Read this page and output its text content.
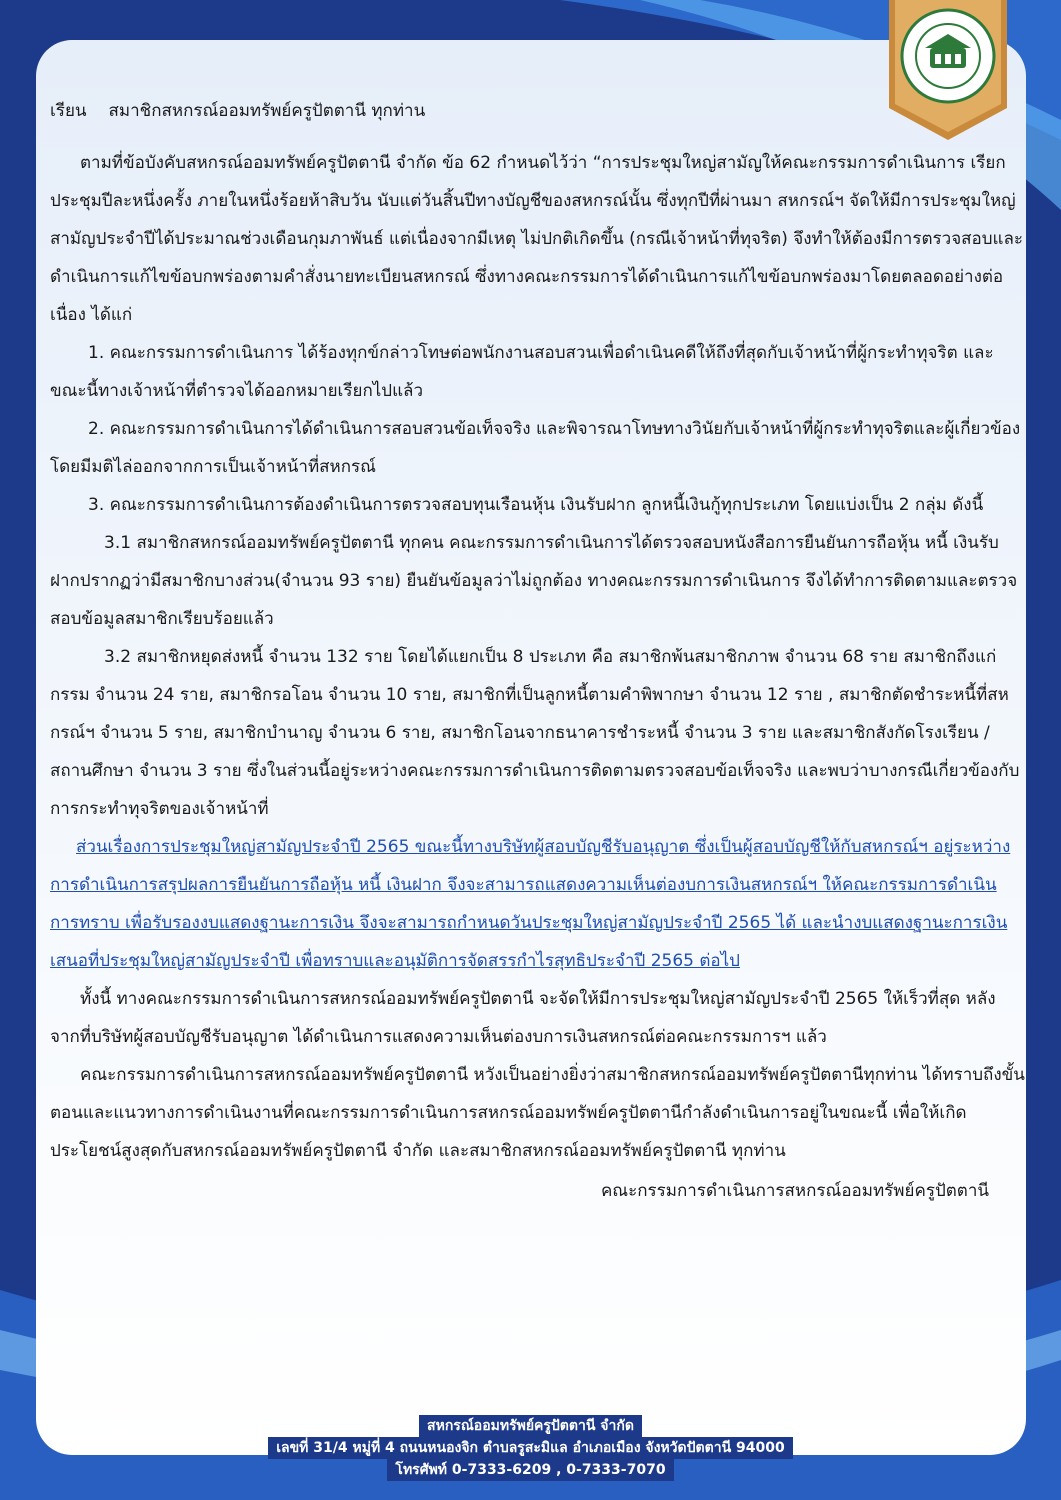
เรียน สมาชิกสหกรณ์ออมทรัพย์ครูปัตตานี ทุกท่าน

ตามที่ข้อบังคับสหกรณ์ออมทรัพย์ครูปัตตานี จำกัด ข้อ 62 กำหนดไว้ว่า “การประชุมใหญ่สามัญให้คณะกรรมการดำเนินการ เรียกประชุมปีละหนึ่งครั้ง ภายในหนึ่งร้อยห้าสิบวัน นับแต่วันสิ้นปีทางบัญชีของสหกรณ์นั้น ซึ่งทุกปีที่ผ่านมา สหกรณ์ฯ จัดให้มีการประชุมใหญ่สามัญประจำปีได้ประมาณช่วงเดือนกุมภาพันธ์ แต่เนื่องจากมีเหตุ ไม่ปกติเกิดขึ้น (กรณีเจ้าหน้าที่ทุจริต) จึงทำให้ต้องมีการตรวจสอบและดำเนินการแก้ไขข้อบกพร่องตามคำสั่งนายทะเบียนสหกรณ์ ซึ่งทางคณะกรรมการได้ดำเนินการแก้ไขข้อบกพร่องมาโดยตลอดอย่างต่อเนื่อง ได้แก่

1. คณะกรรมการดำเนินการ ได้ร้องทุกข์กล่าวโทษต่อพนักงานสอบสวนเพื่อดำเนินคดีให้ถึงที่สุดกับเจ้าหน้าที่ผู้กระทำทุจริต และขณะนี้ทางเจ้าหน้าที่ตำรวจได้ออกหมายเรียกไปแล้ว

2. คณะกรรมการดำเนินการได้ดำเนินการสอบสวนข้อเท็จจริง และพิจารณาโทษทางวินัยกับเจ้าหน้าที่ผู้กระทำทุจริตและผู้เกี่ยวข้อง โดยมีมติไล่ออกจากการเป็นเจ้าหน้าที่สหกรณ์

3. คณะกรรมการดำเนินการต้องดำเนินการตรวจสอบทุนเรือนหุ้น เงินรับฝาก ลูกหนี้เงินกู้ทุกประเภท โดยแบ่งเป็น 2 กลุ่ม ดังนี้

3.1 สมาชิกสหกรณ์ออมทรัพย์ครูปัตตานี ทุกคน คณะกรรมการดำเนินการได้ตรวจสอบหนังสือการยืนยันการถือหุ้น หนี้ เงินรับฝากปรากฏว่ามีสมาชิกบางส่วน(จำนวน 93 ราย) ยืนยันข้อมูลว่าไม่ถูกต้อง ทางคณะกรรมการดำเนินการ จึงได้ทำการติดตามและตรวจสอบข้อมูลสมาชิกเรียบร้อยแล้ว

3.2 สมาชิกหยุดส่งหนี้ จำนวน 132 ราย โดยได้แยกเป็น 8 ประเภท คือ สมาชิกพ้นสมาชิกภาพ จำนวน 68 ราย สมาชิกถึงแก่กรรม จำนวน 24 ราย, สมาชิกรอโอน จำนวน 10 ราย, สมาชิกที่เป็นลูกหนี้ตามคำพิพากษา จำนวน 12 ราย , สมาชิกตัดชำระหนี้ที่สหกรณ์ฯ จำนวน 5 ราย, สมาชิกบำนาญ จำนวน 6 ราย, สมาชิกโอนจากธนาคารชำระหนี้ จำนวน 3 ราย และสมาชิกสังกัดโรงเรียน /สถานศึกษา จำนวน 3 ราย ซึ่งในส่วนนี้อยู่ระหว่างคณะกรรมการดำเนินการติดตามตรวจสอบข้อเท็จจริง และพบว่าบางกรณีเกี่ยวข้องกับการกระทำทุจริตของเจ้าหน้าที่

ส่วนเรื่องการประชุมใหญ่สามัญประจำปี 2565 ขณะนี้ทางบริษัทผู้สอบบัญชีรับอนุญาต ซึ่งเป็นผู้สอบบัญชีให้กับสหกรณ์ฯ อยู่ระหว่างการดำเนินการสรุปผลการยืนยันการถือหุ้น หนี้ เงินฝาก จึงจะสามารถแสดงความเห็นต่องบการเงินสหกรณ์ฯ ให้คณะกรรมการดำเนินการทราบ เพื่อรับรองงบแสดงฐานะการเงิน จึงจะสามารถกำหนดวันประชุมใหญ่สามัญประจำปี 2565 ได้ และนำงบแสดงฐานะการเงินเสนอที่ประชุมใหญ่สามัญประจำปี เพื่อทราบและอนุมัติการจัดสรรกำไรสุทธิประจำปี 2565 ต่อไป

ทั้งนี้ ทางคณะกรรมการดำเนินการสหกรณ์ออมทรัพย์ครูปัตตานี จะจัดให้มีการประชุมใหญ่สามัญประจำปี 2565 ให้เร็วที่สุด หลังจากที่บริษัทผู้สอบบัญชีรับอนุญาต ได้ดำเนินการแสดงความเห็นต่องบการเงินสหกรณ์ต่อคณะกรรมการฯ แล้ว

คณะกรรมการดำเนินการสหกรณ์ออมทรัพย์ครูปัตตานี หวังเป็นอย่างยิ่งว่าสมาชิกสหกรณ์ออมทรัพย์ครูปัตตานีทุกท่าน ได้ทราบถึงขั้นตอนและแนวทางการดำเนินงานที่คณะกรรมการดำเนินการสหกรณ์ออมทรัพย์ครูปัตตานีกำลังดำเนินการอยู่ในขณะนี้ เพื่อให้เกิดประโยชน์สูงสุดกับสหกรณ์ออมทรัพย์ครูปัตตานี จำกัด และสมาชิกสหกรณ์ออมทรัพย์ครูปัตตานี ทุกท่าน

คณะกรรมการดำเนินการสหกรณ์ออมทรัพย์ครูปัตตานี

สหกรณ์ออมทรัพย์ครูปัตตานี จำกัด
เลขที่ 31/4 หมู่ที่ 4 ถนนหนองจิก ตำบลรูสะมิแล อำเภอเมือง จังหวัดปัตตานี 94000
โทรศัพท์ 0-7333-6209 , 0-7333-7070
